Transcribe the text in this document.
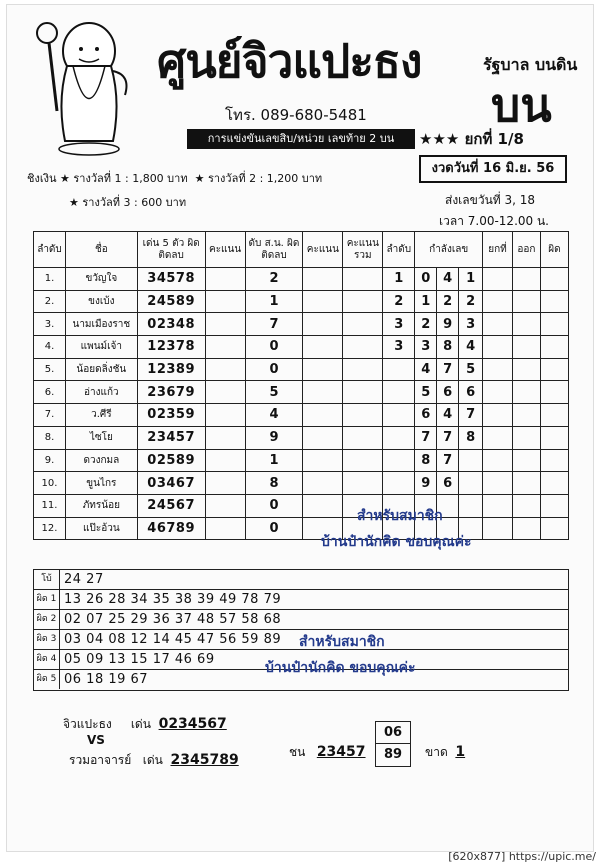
ศูนย์จิวแปะธง
โทร. 089-680-5481
รัฐบาล บนดิน
บน
การแข่งขันเลขสิบ/หน่วย เลขท้าย 2 บน	★★★ ยกที่ 1/8
ชิงเงิน ★ รางวัลที่ 1 : 1,800 บาท ★ รางวัลที่ 2 : 1,200 บาท
★ รางวัลที่ 3 : 600 บาท
งวดวันที่ 16 มิ.ย. 56
ส่งเลขวันที่ 3, 18
เวลา 7.00-12.00 น.
ลำดับ	ชื่อ	เด่น 5 ตัว ผิดติดลบ	คะแนน	ดับ ส.น. ผิดติดลบ	คะแนน	คะแนน รวม	ลำดับ	กำลังเลข			ยกที่	ออก	ผิด
1.	ขวัญใจ	34578		2			1	0	4	1			
2.	ขงเบ้ง	24589		1			2	1	2	2			
3.	นามเมืองราช	02348		7			3	2	9	3			
4.	แพนม์เจ้า	12378		0			3	3	8	4			
5.	น้อยดลิ่งชัน	12389		0				4	7	5			
6.	อ่างแก้ว	23679		5				5	6	6			
7.	ว.ศีรี	02359		4				6	4	7			
8.	ไซโย	23457		9				7	7	8			
9.	ดวงกมล	02589		1				8	7				
10.	ขูนไกร	03467		8				9	6				
11.	ภัทรน้อย	24567		0									
12.	แป๊ะอ้วน	46789		0									
สำหรับสมาชิก
บ้านป๋านักคิด ขอบคุณค่ะ
โบ้ 24 27
ผิด 1 13 26 28 34 35 38 39 49 78 79
ผิด 2 02 07 25 29 36 37 48 57 58 68
ผิด 3 03 04 08 12 14 45 47 56 59 89
ผิด 4 05 09 13 15 17 46 69
ผิด 5 06 18 19 67
สำหรับสมาชิก
บ้านป๋านักคิด ขอบคุณค่ะ
จิวแปะธง เด่น 0234567
VS
รวมอาจารย์ เด่น 2345789	ชน 23457
06
89	ขาด 1
[620x877] https://upic.me/
